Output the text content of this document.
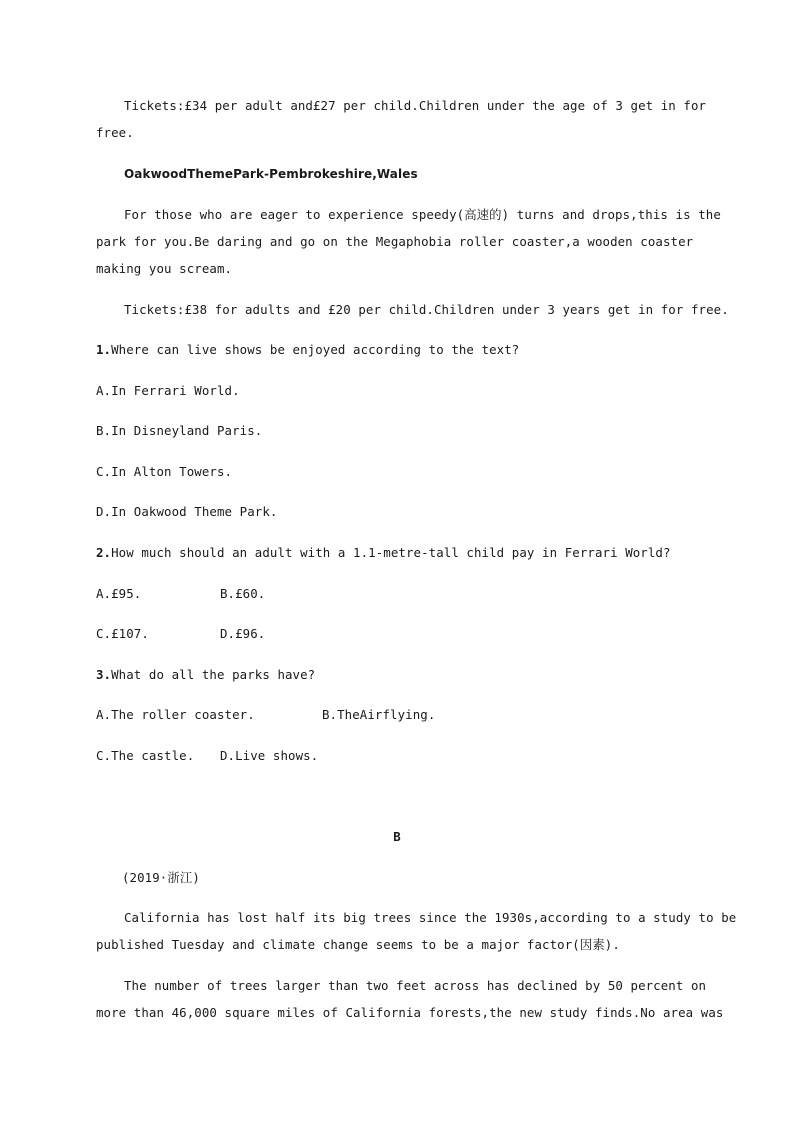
Tickets:£34 per adult and£27 per child.Children under the age of 3 get in for
free.
OakwoodThemePark-Pembrokeshire,Wales
For those who are eager to experience speedy(高速的) turns and drops,this is the
park for you.Be daring and go on the Megaphobia roller coaster,a wooden coaster
making you scream.
Tickets:£38 for adults and £20 per child.Children under 3 years get in for free.
1.Where can live shows be enjoyed according to the text?
A.In Ferrari World.
B.In Disneyland Paris.
C.In Alton Towers.
D.In Oakwood Theme Park.
2.How much should an adult with a 1.1-metre-tall child pay in Ferrari World?
A.£95.	B.£60.
C.£107.	D.£96.
3.What do all the parks have?
A.The roller coaster.	B.TheAirflying.
C.The castle. D.Live shows.
B
(2019·浙江)
California has lost half its big trees since the 1930s,according to a study to be
published Tuesday and climate change seems to be a major factor(因素).
The number of trees larger than two feet across has declined by 50 percent on
more than 46,000 square miles of California forests,the new study finds.No area was
